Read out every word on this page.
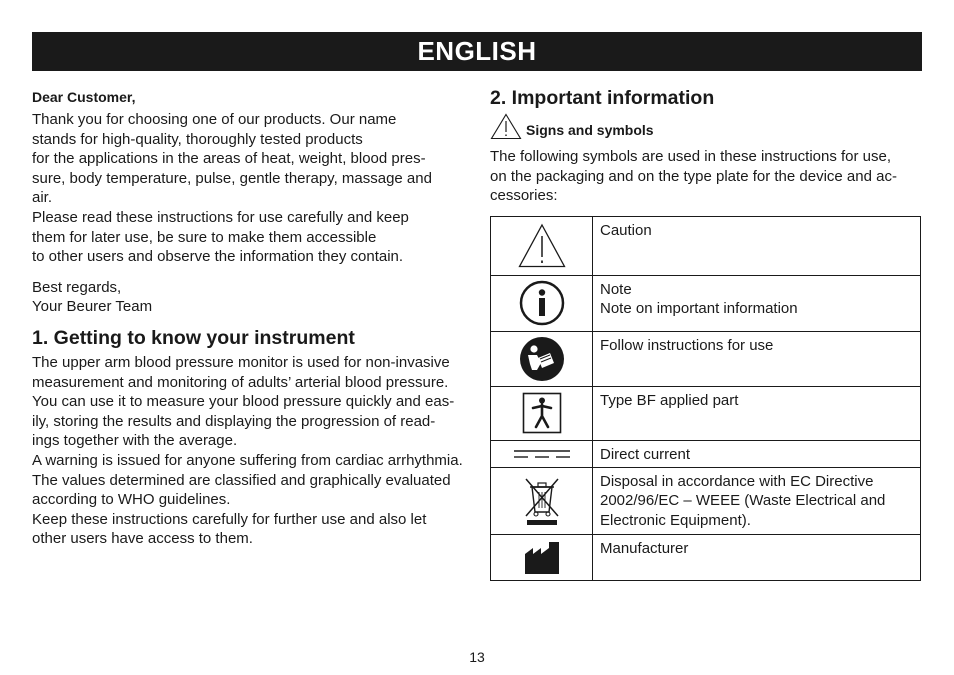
ENGLISH

Dear Customer,

Thank you for choosing one of our products. Our name
stands for high-quality, thoroughly tested products
for the applications in the areas of heat, weight, blood pres-
sure, body temperature, pulse, gentle therapy, massage and
air.
Please read these instructions for use carefully and keep
them for later use, be sure to make them accessible
to other users and observe the information they contain.

Best regards,
Your Beurer Team

1. Getting to know your instrument

The upper arm blood pressure monitor is used for non-invasive
measurement and monitoring of adults’ arterial blood pressure.
You can use it to measure your blood pressure quickly and eas-
ily, storing the results and displaying the progression of read-
ings together with the average.
A warning is issued for anyone suffering from cardiac arrhythmia.
The values determined are classified and graphically evaluated
according to WHO guidelines.
Keep these instructions carefully for further use and also let
other users have access to them.

2. Important information
Signs and symbols

The following symbols are used in these instructions for use,
on the packaging and on the type plate for the device and ac-
cessories:

Caution

Note
Note on important information

Follow instructions for use

Type BF applied part

Direct current

Disposal in accordance with EC Directive
2002/96/EC – WEEE (Waste Electrical and
Electronic Equipment).

Manufacturer
13
